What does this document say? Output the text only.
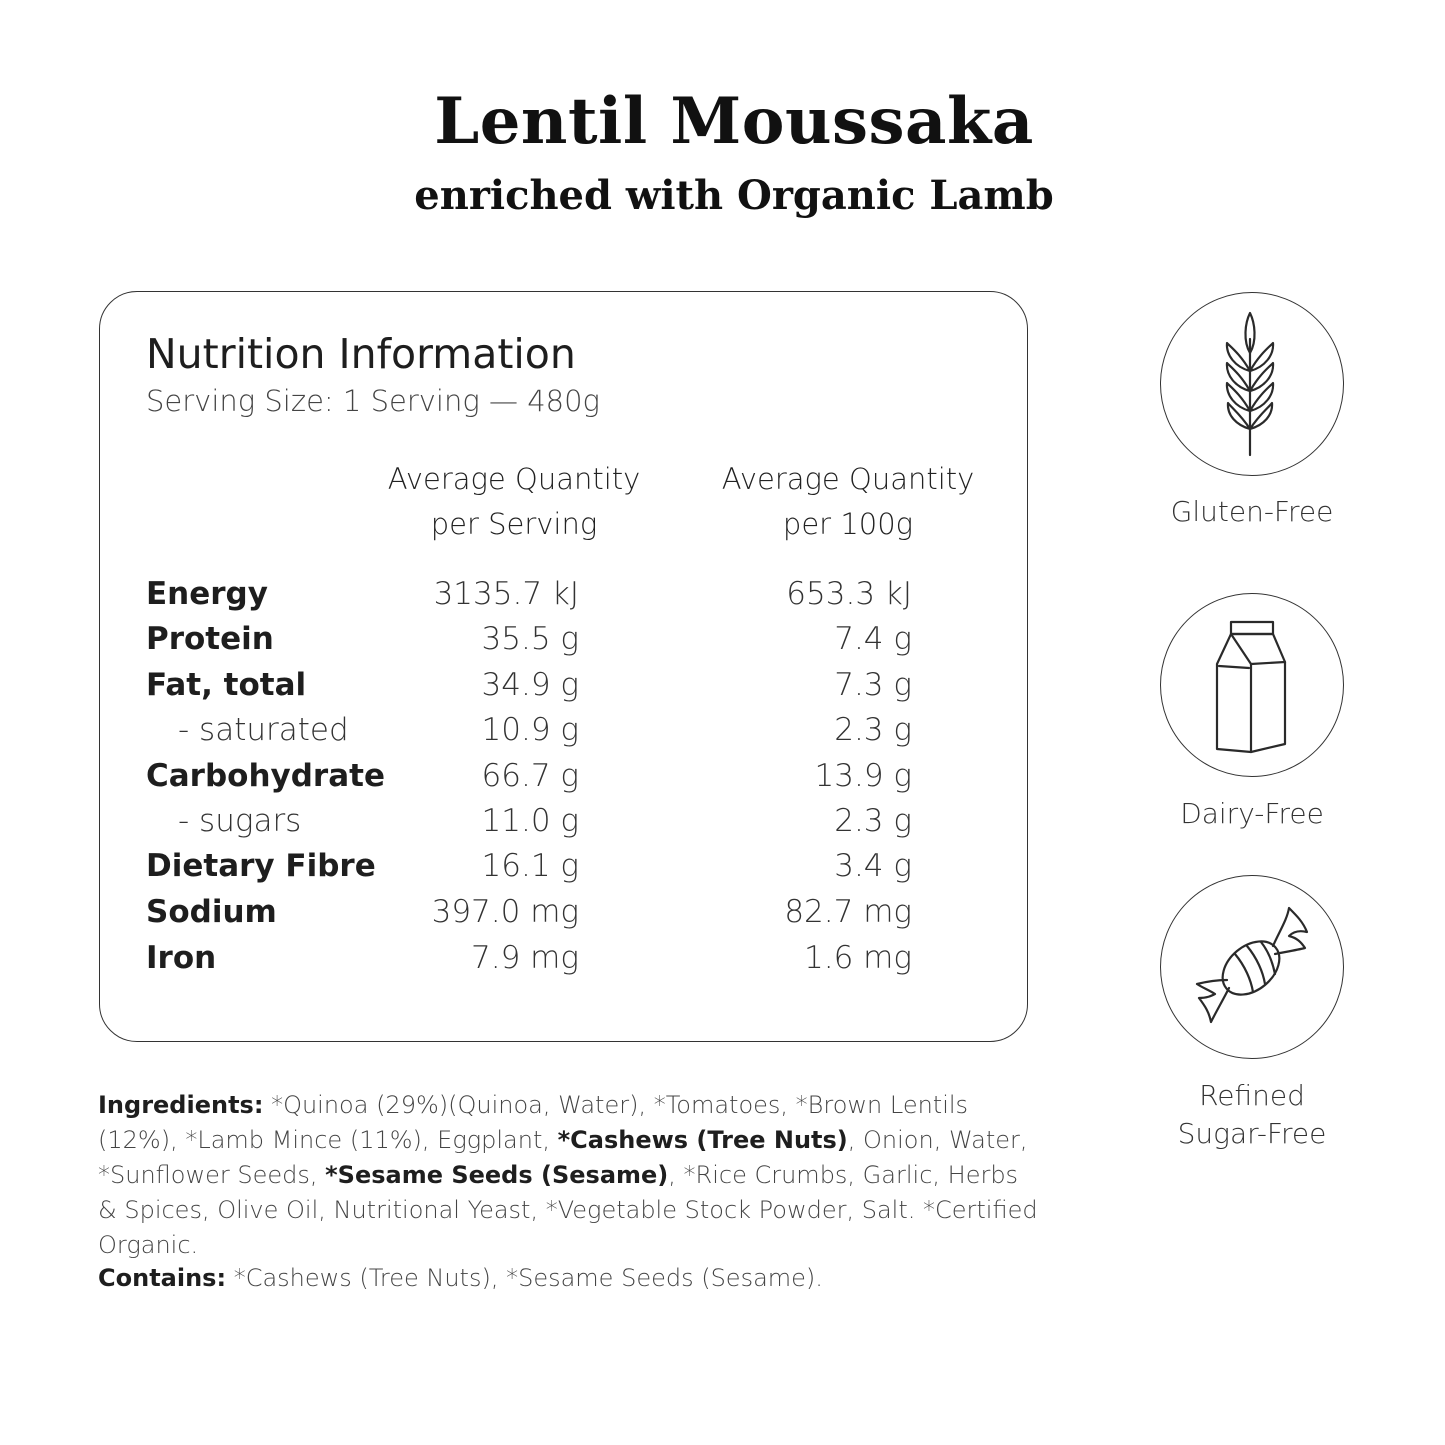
Lentil Moussaka
enriched with Organic Lamb
Nutrition Information
Serving Size: 1 Serving — 480g
Average Quantity
per Serving
Average Quantity
per 100g
Energy	3135.7 kJ	653.3 kJ
Protein	35.5 g	7.4 g
Fat, total	34.9 g	7.3 g
- saturated	10.9 g	2.3 g
Carbohydrate	66.7 g	13.9 g
- sugars	11.0 g	2.3 g
Dietary Fibre	16.1 g	3.4 g
Sodium	397.0 mg	82.7 mg
Iron	7.9 mg	1.6 mg
Ingredients: *Quinoa (29%)(Quinoa, Water), *Tomatoes, *Brown Lentils (12%), *Lamb Mince (11%), Eggplant, *Cashews (Tree Nuts), Onion, Water, *Sunflower Seeds, *Sesame Seeds (Sesame), *Rice Crumbs, Garlic, Herbs & Spices, Olive Oil, Nutritional Yeast, *Vegetable Stock Powder, Salt. *Certified Organic.
Contains: *Cashews (Tree Nuts), *Sesame Seeds (Sesame).
Gluten-Free
Dairy-Free
Refined
Sugar-Free
